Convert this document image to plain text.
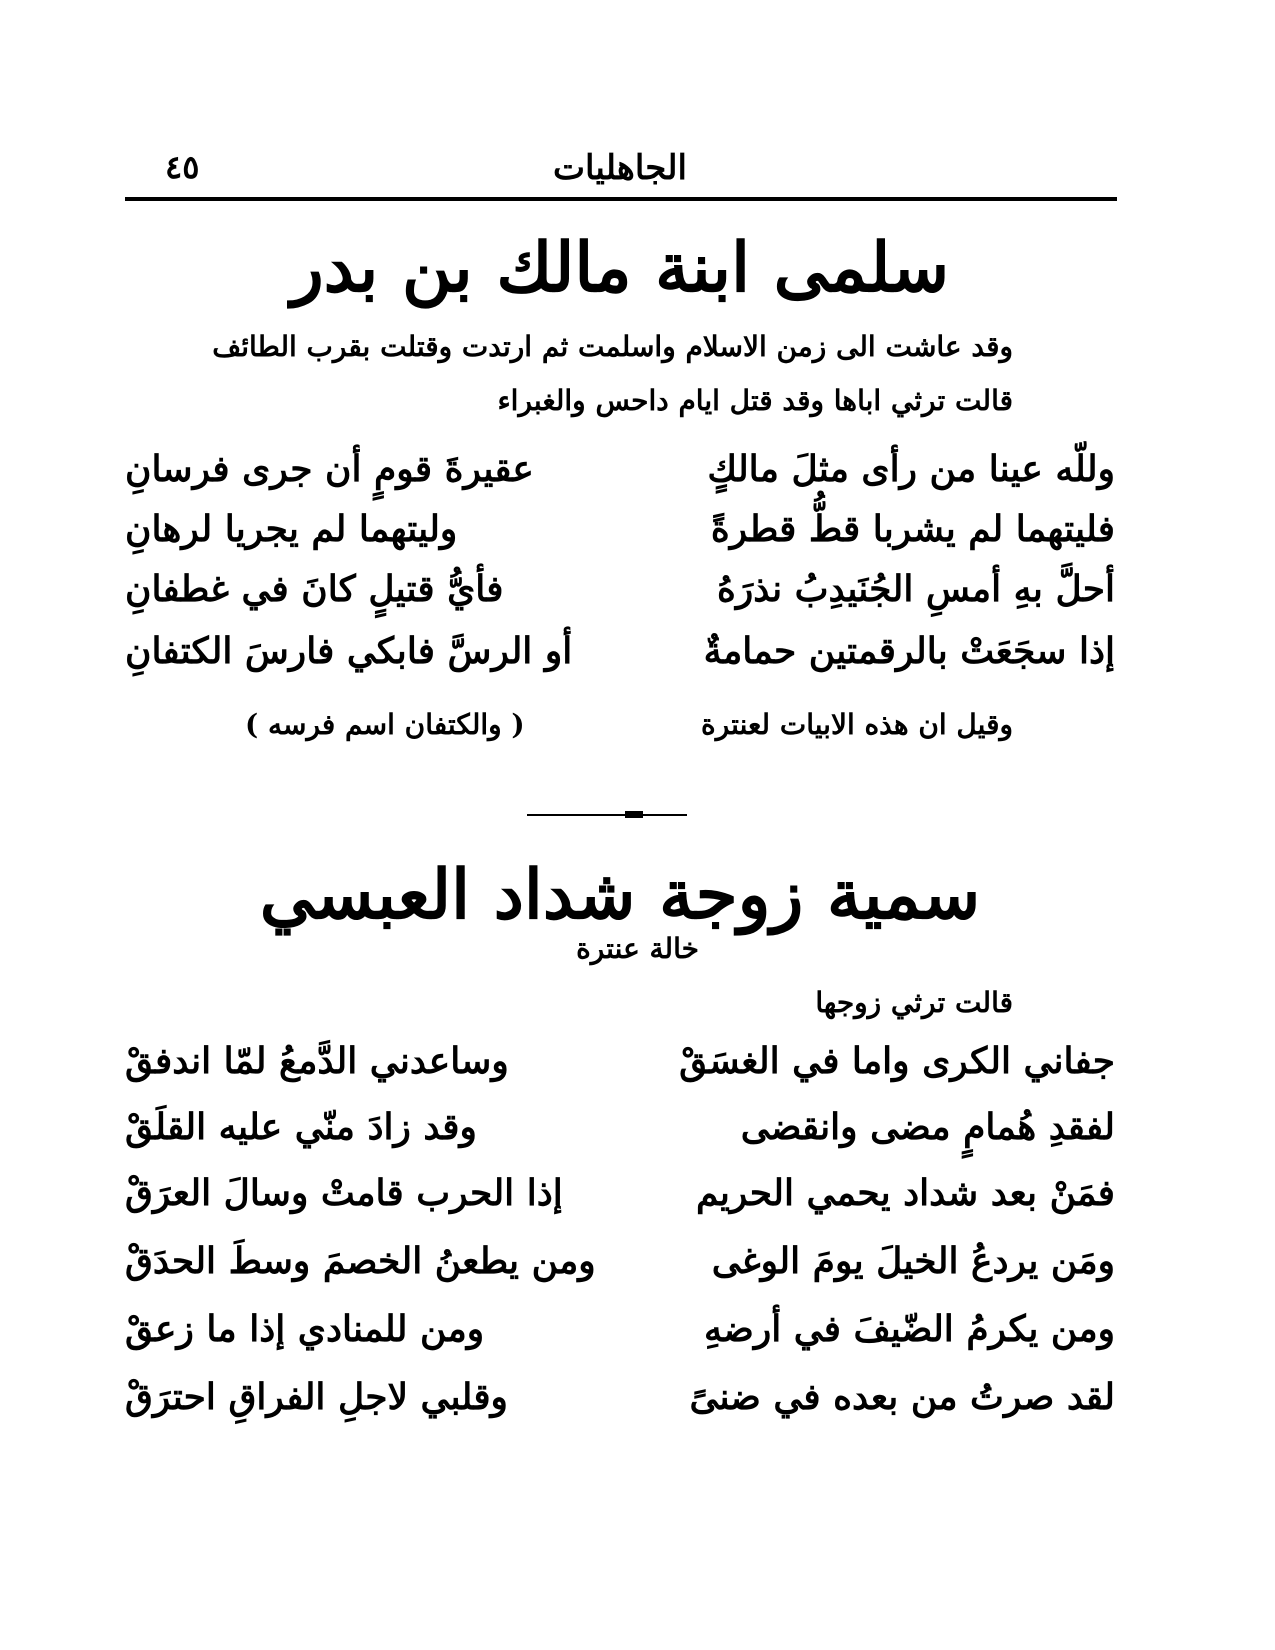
٤٥	الجاهليات
سلمى ابنة مالك بن بدر
وقد عاشت الى زمن الاسلام واسلمت ثم ارتدت وقتلت بقرب الطائف
قالت ترثي اباها وقد قتل ايام داحس والغبراء
وللّه عينا من رأى مثلَ مالكٍ
عقيرةَ قومٍ أن جرى فرسانِ
فليتهما لم يشربا قطُّ قطرةً
وليتهما لم يجريا لرهانِ
أحلَّ بهِ أمسِ الجُنَيدِبُ نذرَهُ
فأيُّ قتيلٍ كانَ في غطفانِ
إذا سجَعَتْ بالرقمتين حمامةٌ
أو الرسَّ فابكي فارسَ الكتفانِ
وقيل ان هذه الابيات لعنترة
( والكتفان اسم فرسه )
سمية زوجة شداد العبسي
خالة عنترة
قالت ترثي زوجها
جفاني الكرى واما في الغسَقْ
وساعدني الدَّمعُ لمّا اندفقْ
لفقدِ هُمامٍ مضى وانقضى
وقد زادَ منّي عليه القلَقْ
فمَنْ بعد شداد يحمي الحريم
إذا الحرب قامتْ وسالَ العرَقْ
ومَن يردعُ الخيلَ يومَ الوغى
ومن يطعنُ الخصمَ وسطَ الحدَقْ
ومن يكرمُ الضّيفَ في أرضهِ
ومن للمنادي إذا ما زعقْ
لقد صرتُ من بعده في ضنىً
وقلبي لاجلِ الفراقِ احترَقْ
